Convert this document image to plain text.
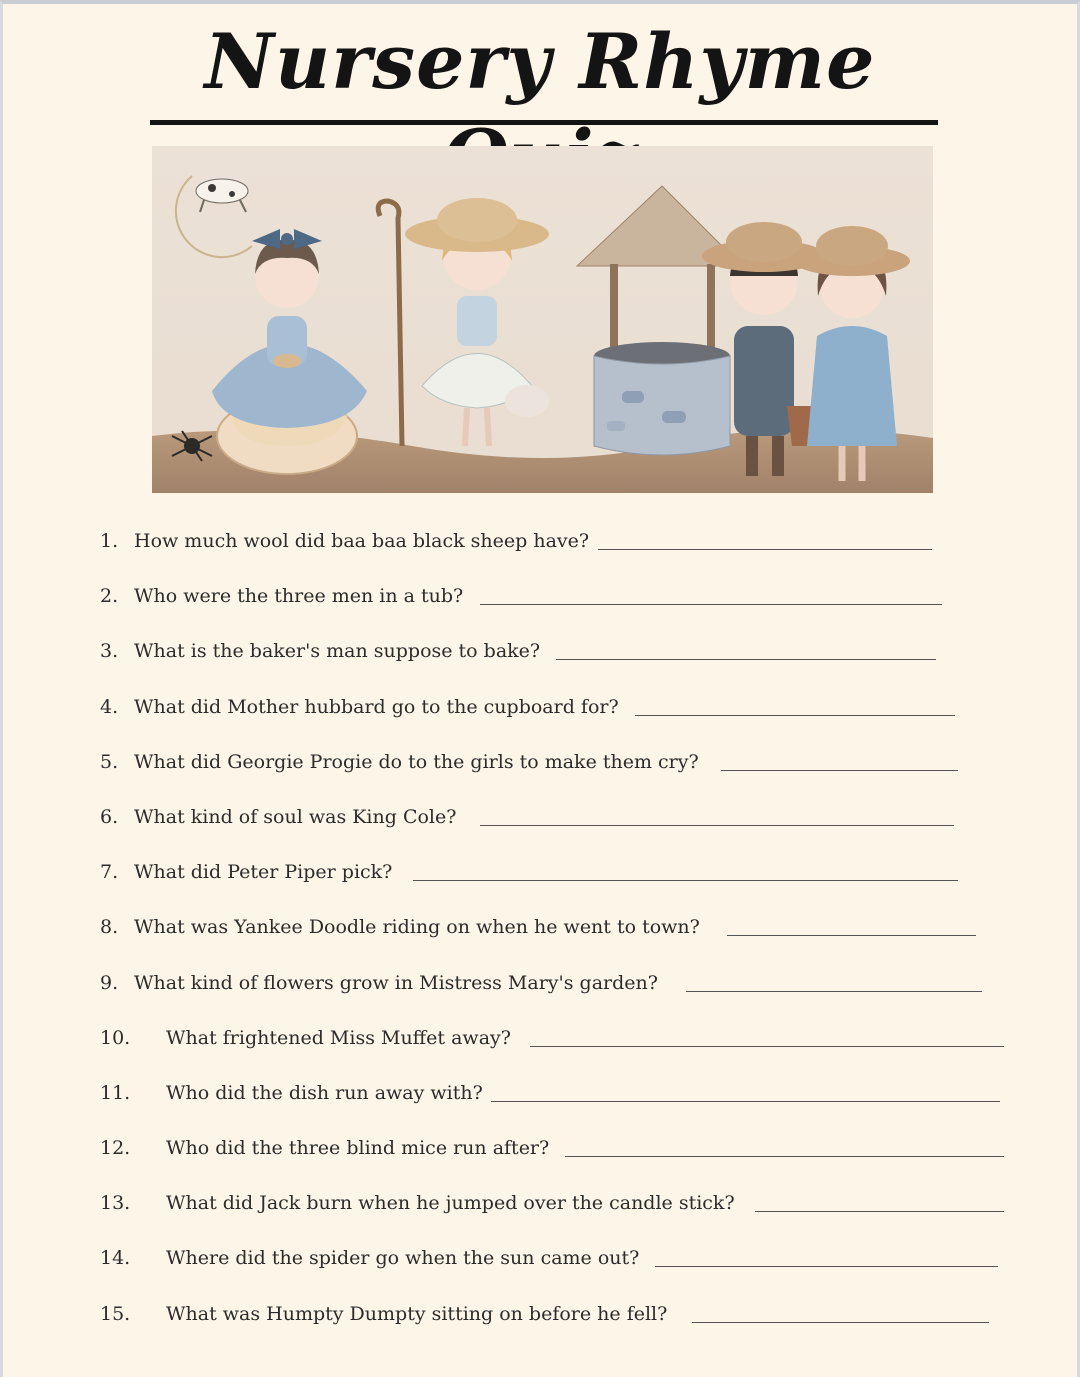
Nursery Rhyme
1. How much wool did baa baa black sheep have?
2. Who were the three men in a tub?
3. What is the baker's man suppose to bake?
4. What did Mother hubbard go to the cupboard for?
5. What did Georgie Progie do to the girls to make them cry?
6. What kind of soul was King Cole?
7. What did Peter Piper pick?
8. What was Yankee Doodle riding on when he went to town?
9. What kind of flowers grow in Mistress Mary's garden?
10. What frightened Miss Muffet away?
11. Who did the dish run away with?
12. Who did the three blind mice run after?
13. What did Jack burn when he jumped over the candle stick?
14. Where did the spider go when the sun came out?
15. What was Humpty Dumpty sitting on before he fell?
